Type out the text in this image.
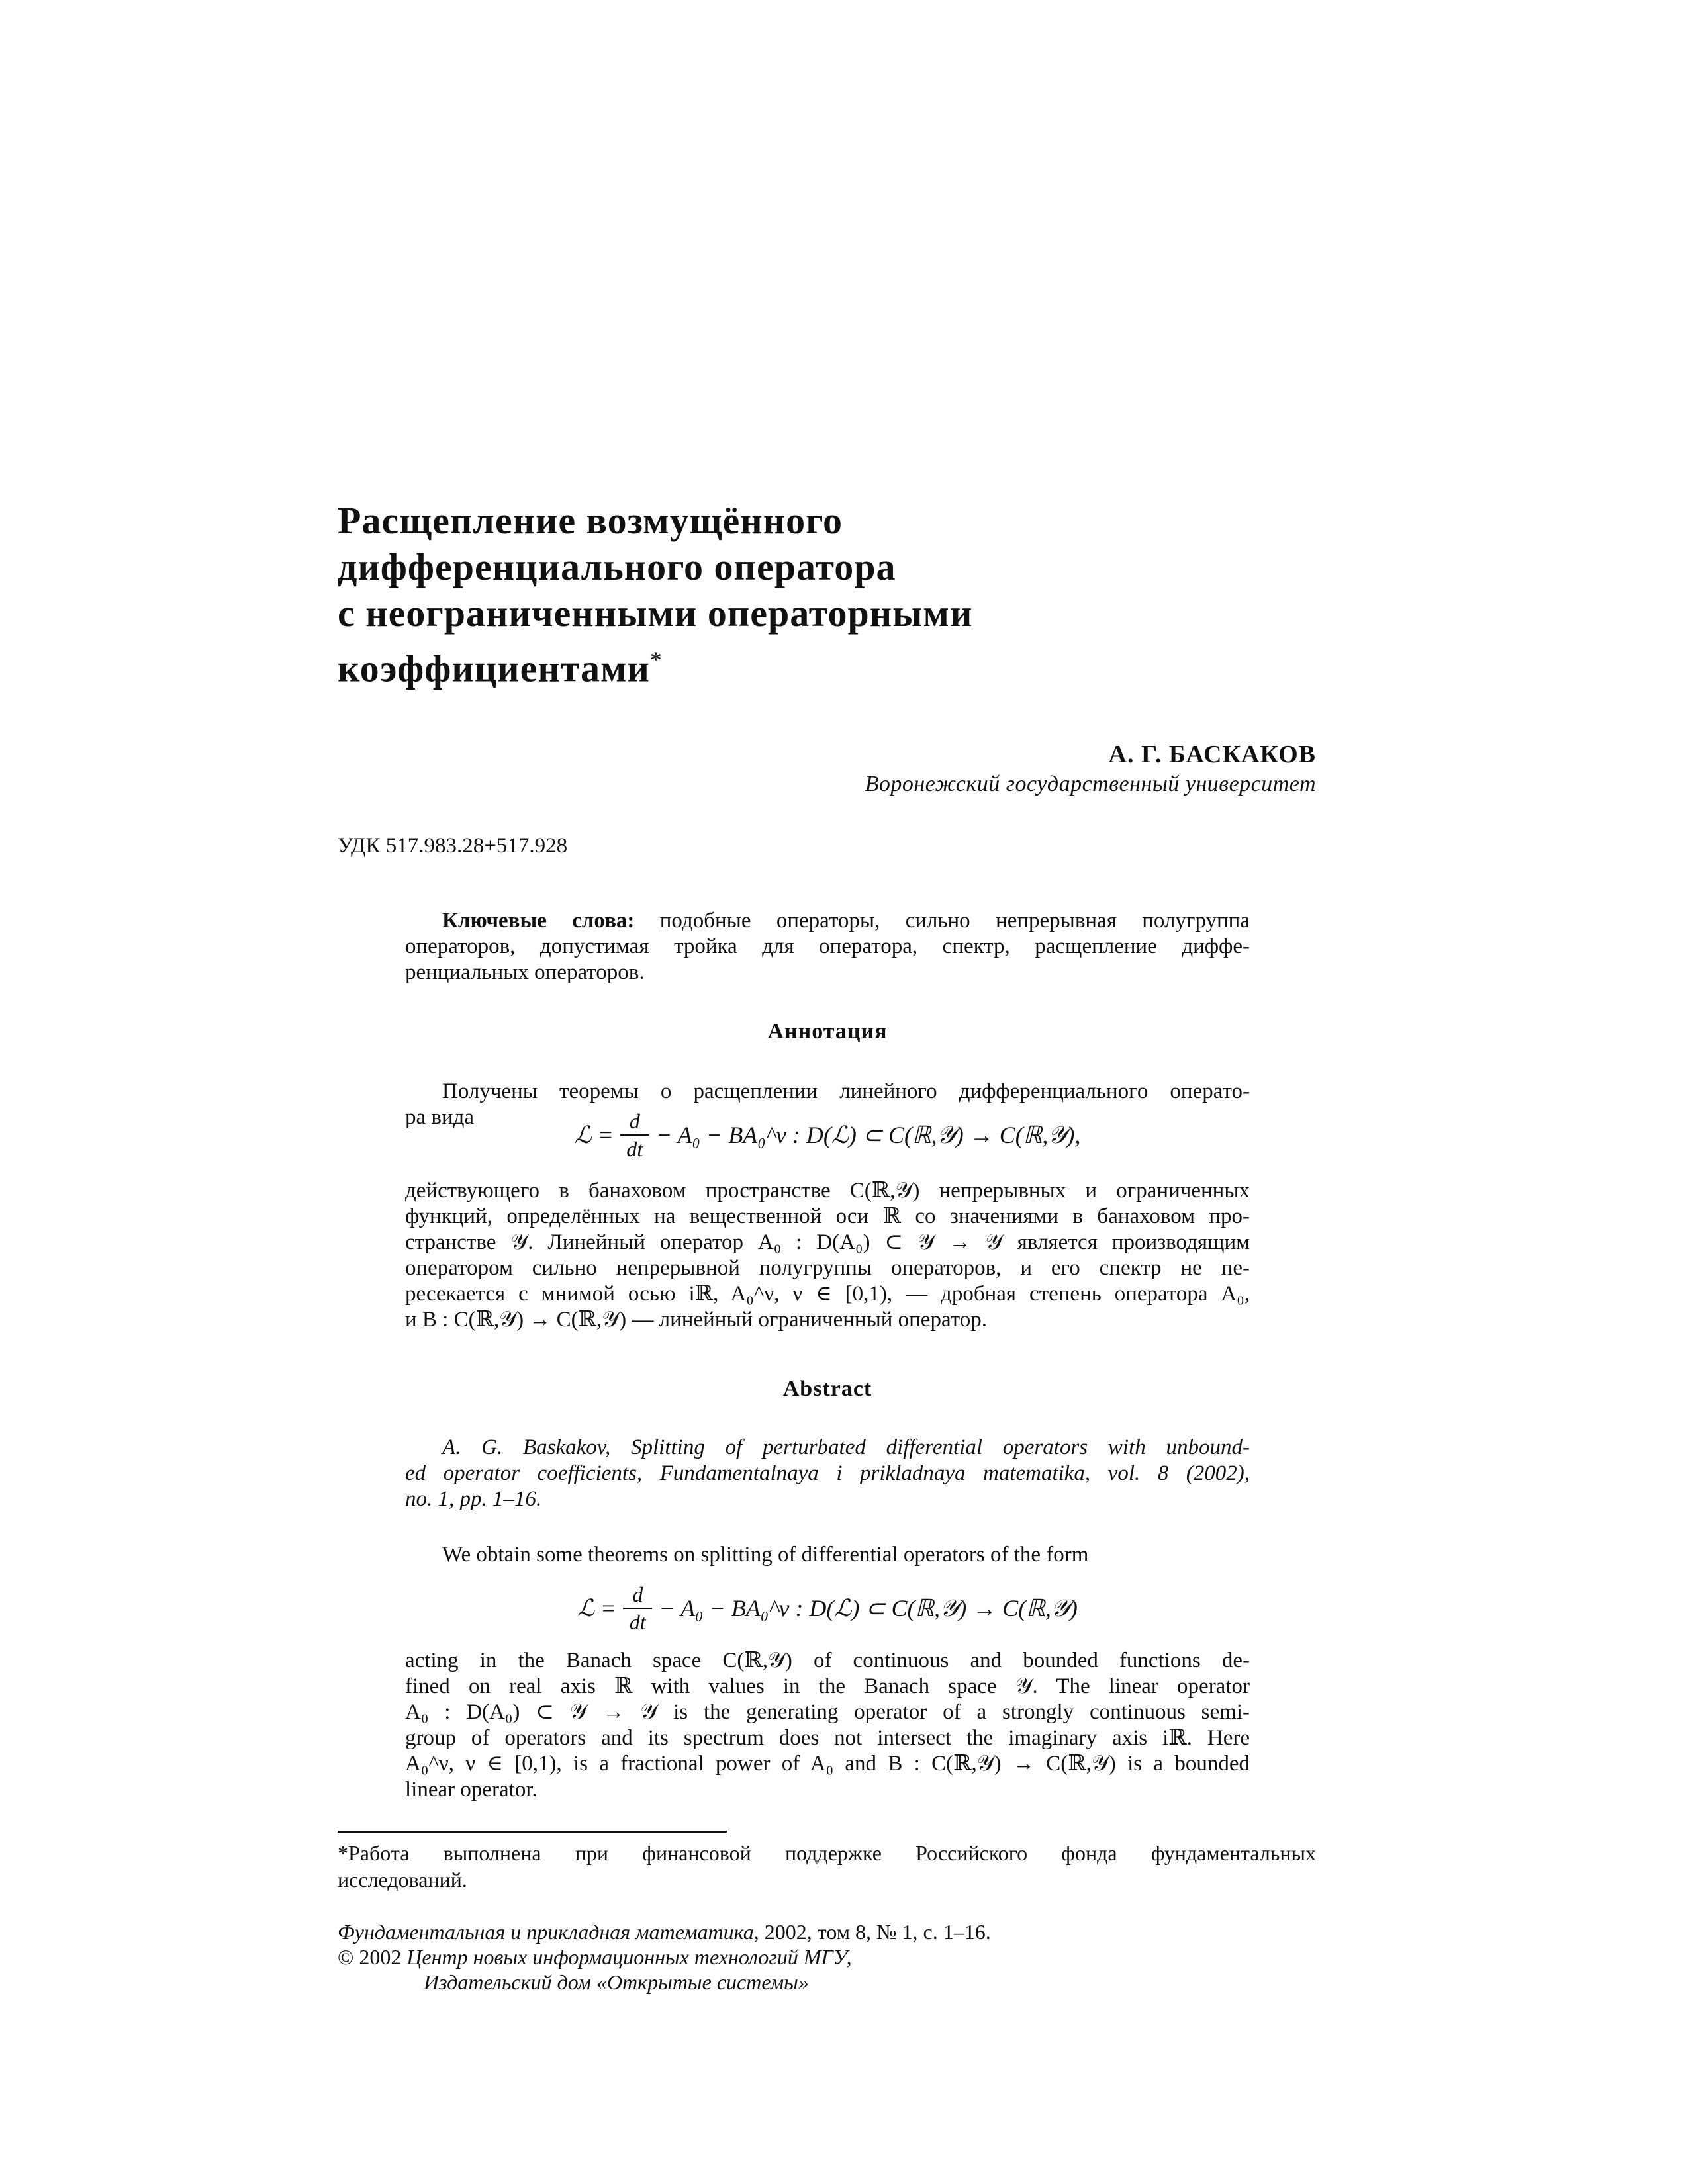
Расщепление возмущённого
дифференциального оператора
с неограниченными операторными
коэффициентами*
А. Г. БАСКАКОВ
Воронежский государственный университет
УДК 517.983.28+517.928
Ключевые слова: подобные операторы, сильно непрерывная полугруппа
операторов, допустимая тройка для оператора, спектр, расщепление диффе-
ренциальных операторов.
Аннотация
Получены теоремы о расщеплении линейного дифференциального операто-
ра вида
ℒ = $\frac{d}{dt} - A_0$ − BA₀^ν : D(ℒ) ⊂ C(ℝ,𝒴) → C(ℝ,𝒴),
действующего в банаховом пространстве C(ℝ,𝒴) непрерывных и ограниченных
функций, определённых на вещественной оси ℝ со значениями в банаховом про-
странстве 𝒴. Линейный оператор A₀ : D(A₀) ⊂ 𝒴 → 𝒴 является производящим
оператором сильно непрерывной полугруппы операторов, и его спектр не пе-
ресекается с мнимой осью iℝ, A₀^ν, ν ∈ [0,1), — дробная степень оператора A₀,
и B : C(ℝ,𝒴) → C(ℝ,𝒴) — линейный ограниченный оператор.
Abstract
A. G. Baskakov, Splitting of perturbated differential operators with unbound-
ed operator coefficients, Fundamentalnaya i prikladnaya matematika, vol. 8 (2002),
no. 1, pp. 1–16.
We obtain some theorems on splitting of differential operators of the form
ℒ = $\frac{d}{dt} - A_0$ − BA₀^ν : D(ℒ) ⊂ C(ℝ,𝒴) → C(ℝ,𝒴)
acting in the Banach space C(ℝ,𝒴) of continuous and bounded functions de-
fined on real axis ℝ with values in the Banach space 𝒴. The linear operator
A₀ : D(A₀) ⊂ 𝒴 → 𝒴 is the generating operator of a strongly continuous semi-
group of operators and its spectrum does not intersect the imaginary axis iℝ. Here
A₀^ν, ν ∈ [0,1), is a fractional power of A₀ and B : C(ℝ,𝒴) → C(ℝ,𝒴) is a bounded
linear operator.
*Работа выполнена при финансовой поддержке Российского фонда фундаментальных
исследований.
Фундаментальная и прикладная математика, 2002, том 8, № 1, с. 1–16.
© 2002 Центр новых информационных технологий МГУ,
Издательский дом «Открытые системы»
